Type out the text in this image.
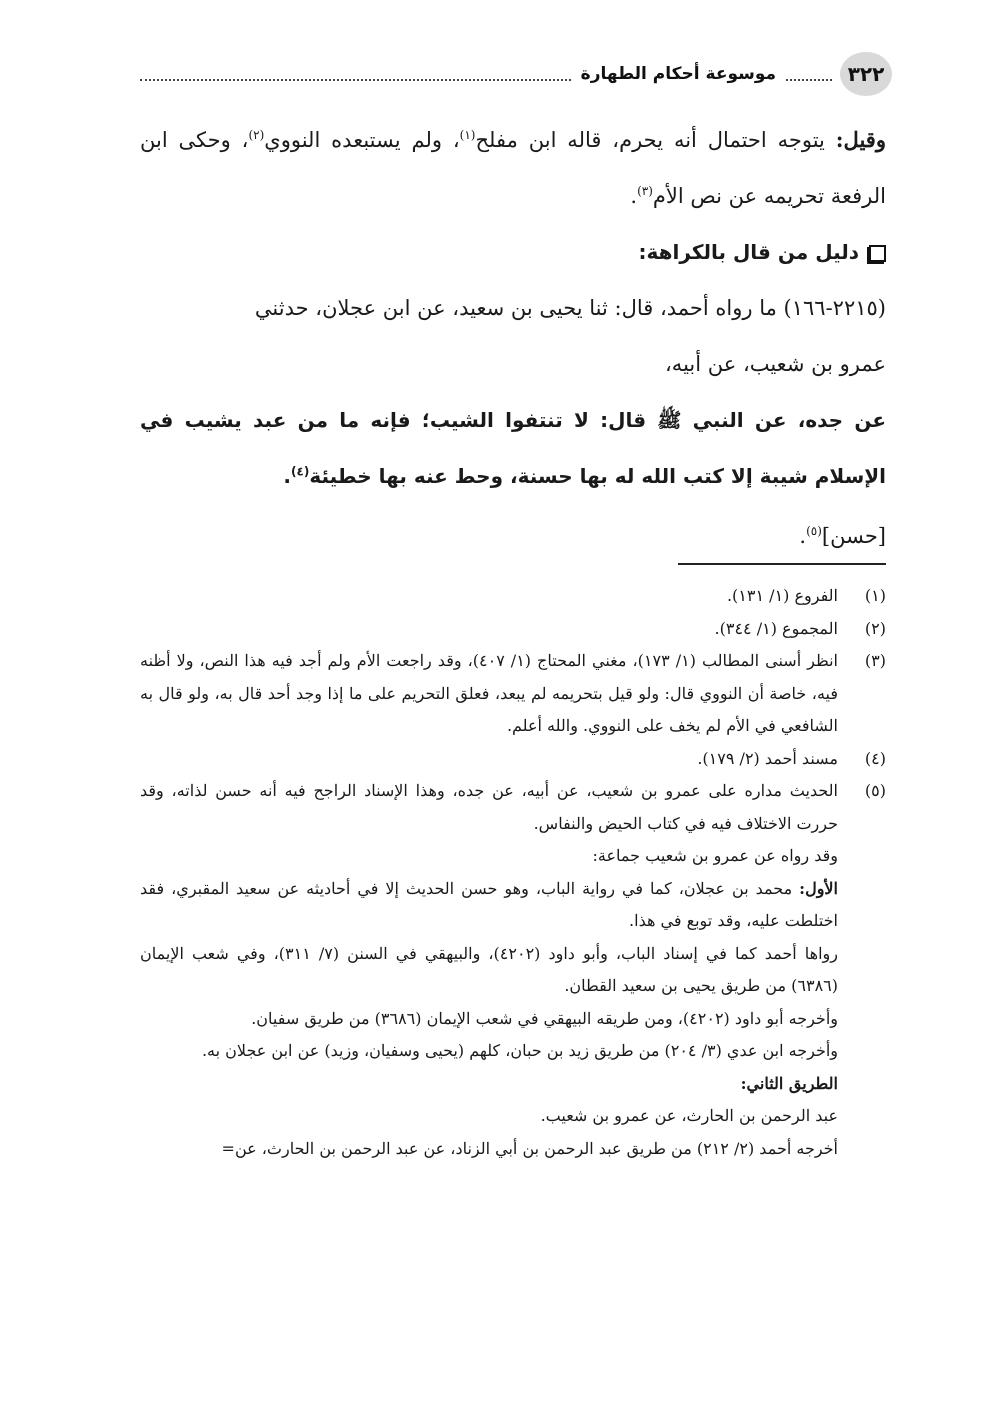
٣٢٢
موسوعة أحكام الطهارة

وقيل: يتوجه احتمال أنه يحرم، قاله ابن مفلح$^{(١)}$، ولم يستبعده النووي$^{(٢)}$، وحكى ابن الرفعة تحريمه عن نص الأم$^{(٣)}$.

دليل من قال بالكراهة:

(٢٢١٥-١٦٦) ما رواه أحمد، قال: ثنا يحيى بن سعيد، عن ابن عجلان، حدثني
عمرو بن شعيب، عن أبيه،

عن جده، عن النبي ﷺ قال: لا تنتفوا الشيب؛ فإنه ما من عبد يشيب في الإسلام شيبة إلا كتب الله له بها حسنة، وحط عنه بها خطيئة$^{(٤)}$.

[حسن]$^{(٥)}$.

(١)

الفروع (١/ ١٣١).

(٢)

المجموع (١/ ٣٤٤).

(٣)

انظر أسنى المطالب (١/ ١٧٣)، مغني المحتاج (١/ ٤٠٧)، وقد راجعت الأم ولم أجد فيه هذا النص، ولا أظنه فيه، خاصة أن النووي قال: ولو قيل بتحريمه لم يبعد، فعلق التحريم على ما إذا وجد أحد قال به، ولو قال به الشافعي في الأم لم يخف على النووي. والله أعلم.

(٤)

مسند أحمد (٢/ ١٧٩).

(٥)

الحديث مداره على عمرو بن شعيب، عن أبيه، عن جده، وهذا الإسناد الراجح فيه أنه حسن لذاته، وقد حررت الاختلاف فيه في كتاب الحيض والنفاس.

وقد رواه عن عمرو بن شعيب جماعة:

الأول: محمد بن عجلان، كما في رواية الباب، وهو حسن الحديث إلا في أحاديثه عن سعيد المقبري، فقد اختلطت عليه، وقد توبع في هذا.

رواها أحمد كما في إسناد الباب، وأبو داود (٤٢٠٢)، والبيهقي في السنن (٧/ ٣١١)، وفي شعب الإيمان (٦٣٨٦) من طريق يحيى بن سعيد القطان.

وأخرجه أبو داود (٤٢٠٢)، ومن طريقه البيهقي في شعب الإيمان (٣٦٨٦) من طريق سفيان.

وأخرجه ابن عدي (٣/ ٢٠٤) من طريق زيد بن حبان، كلهم (يحيى وسفيان، وزيد) عن ابن عجلان به.

الطريق الثاني:

عبد الرحمن بن الحارث، عن عمرو بن شعيب.

أخرجه أحمد (٢/ ٢١٢) من طريق عبد الرحمن بن أبي الزناد، عن عبد الرحمن بن الحارث، عن=
